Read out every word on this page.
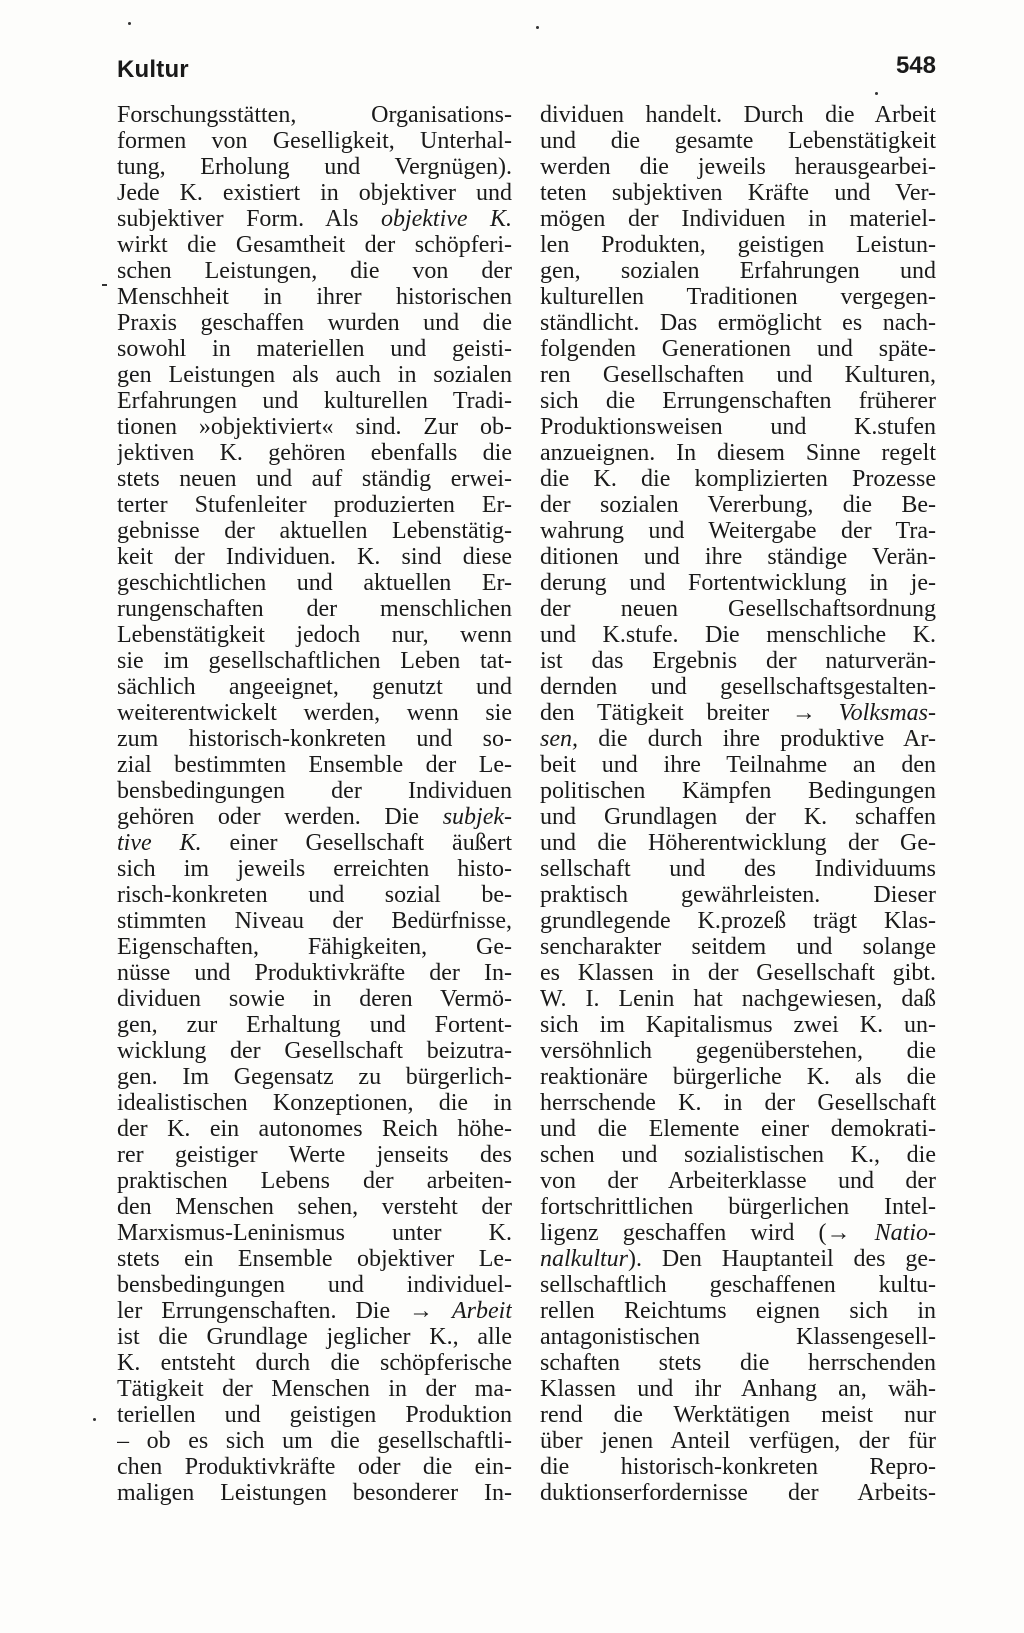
Kultur	548
Forschungsstätten, Organisations-
formen von Geselligkeit, Unterhal-
tung, Erholung und Vergnügen).
Jede K. existiert in objektiver und
subjektiver Form. Als objektive K.
wirkt die Gesamtheit der schöpferi-
schen Leistungen, die von der
Menschheit in ihrer historischen
Praxis geschaffen wurden und die
sowohl in materiellen und geisti-
gen Leistungen als auch in sozialen
Erfahrungen und kulturellen Tradi-
tionen »objektiviert« sind. Zur ob-
jektiven K. gehören ebenfalls die
stets neuen und auf ständig erwei-
terter Stufenleiter produzierten Er-
gebnisse der aktuellen Lebenstätig-
keit der Individuen. K. sind diese
geschichtlichen und aktuellen Er-
rungenschaften der menschlichen
Lebenstätigkeit jedoch nur, wenn
sie im gesellschaftlichen Leben tat-
sächlich angeeignet, genutzt und
weiterentwickelt werden, wenn sie
zum historisch-konkreten und so-
zial bestimmten Ensemble der Le-
bensbedingungen der Individuen
gehören oder werden. Die subjek-
tive K. einer Gesellschaft äußert
sich im jeweils erreichten histo-
risch-konkreten und sozial be-
stimmten Niveau der Bedürfnisse,
Eigenschaften, Fähigkeiten, Ge-
nüsse und Produktivkräfte der In-
dividuen sowie in deren Vermö-
gen, zur Erhaltung und Fortent-
wicklung der Gesellschaft beizutra-
gen. Im Gegensatz zu bürgerlich-
idealistischen Konzeptionen, die in
der K. ein autonomes Reich höhe-
rer geistiger Werte jenseits des
praktischen Lebens der arbeiten-
den Menschen sehen, versteht der
Marxismus-Leninismus unter K.
stets ein Ensemble objektiver Le-
bensbedingungen und individuel-
ler Errungenschaften. Die → Arbeit
ist die Grundlage jeglicher K., alle
K. entsteht durch die schöpferische
Tätigkeit der Menschen in der ma-
teriellen und geistigen Produktion
– ob es sich um die gesellschaftli-
chen Produktivkräfte oder die ein-
maligen Leistungen besonderer In-
dividuen handelt. Durch die Arbeit
und die gesamte Lebenstätigkeit
werden die jeweils herausgearbei-
teten subjektiven Kräfte und Ver-
mögen der Individuen in materiel-
len Produkten, geistigen Leistun-
gen, sozialen Erfahrungen und
kulturellen Traditionen vergegen-
ständlicht. Das ermöglicht es nach-
folgenden Generationen und späte-
ren Gesellschaften und Kulturen,
sich die Errungenschaften früherer
Produktionsweisen und K.stufen
anzueignen. In diesem Sinne regelt
die K. die komplizierten Prozesse
der sozialen Vererbung, die Be-
wahrung und Weitergabe der Tra-
ditionen und ihre ständige Verän-
derung und Fortentwicklung in je-
der neuen Gesellschaftsordnung
und K.stufe. Die menschliche K.
ist das Ergebnis der naturverän-
dernden und gesellschaftsgestalten-
den Tätigkeit breiter → Volksmas-
sen, die durch ihre produktive Ar-
beit und ihre Teilnahme an den
politischen Kämpfen Bedingungen
und Grundlagen der K. schaffen
und die Höherentwicklung der Ge-
sellschaft und des Individuums
praktisch gewährleisten. Dieser
grundlegende K.prozeß trägt Klas-
sencharakter seitdem und solange
es Klassen in der Gesellschaft gibt.
W. I. Lenin hat nachgewiesen, daß
sich im Kapitalismus zwei K. un-
versöhnlich gegenüberstehen, die
reaktionäre bürgerliche K. als die
herrschende K. in der Gesellschaft
und die Elemente einer demokrati-
schen und sozialistischen K., die
von der Arbeiterklasse und der
fortschrittlichen bürgerlichen Intel-
ligenz geschaffen wird (→ Natio-
nalkultur). Den Hauptanteil des ge-
sellschaftlich geschaffenen kultu-
rellen Reichtums eignen sich in
antagonistischen Klassengesell-
schaften stets die herrschenden
Klassen und ihr Anhang an, wäh-
rend die Werktätigen meist nur
über jenen Anteil verfügen, der für
die historisch-konkreten Repro-
duktionserfordernisse der Arbeits-
